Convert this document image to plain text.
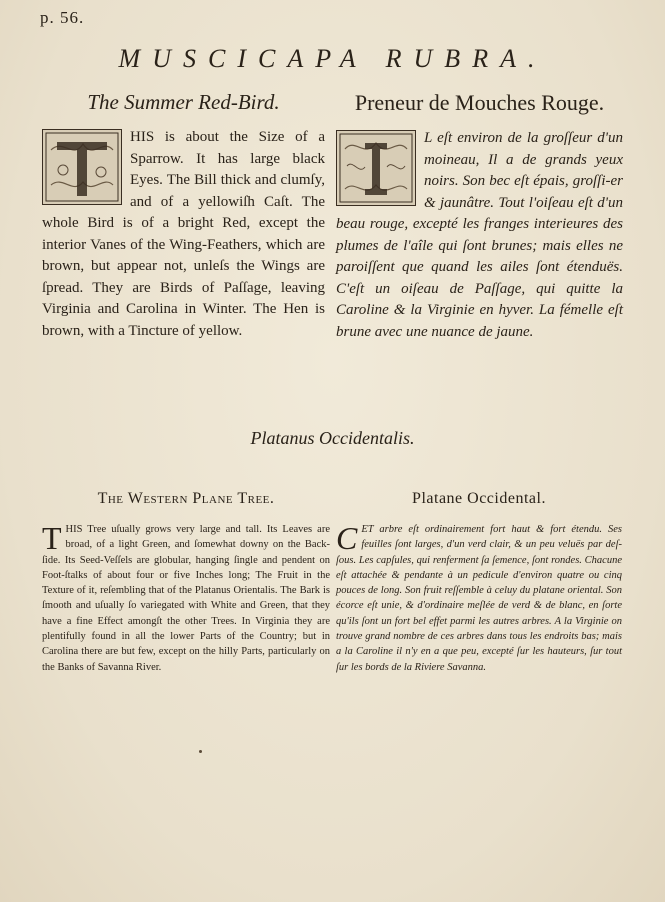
p. 56.
MUSCICAPA RUBRA.
The Summer Red-Bird.

HIS is about the Size of a Sparrow. It has large black Eyes. The Bill thick and clumſy, and of a yellowiſh Caſt. The whole Bird is of a bright Red, except the interior Vanes of the Wing-Feathers, which are brown, but appear not, unleſs the Wings are ſpread. They are Birds of Paſſage, leaving Virginia and Carolina in Winter. The Hen is brown, with a Tincture of yellow.

Preneur de Mouches Rouge.

L eſt environ de la groſſeur d'un moineau, Il a de grands yeux noirs. Son bec eſt épais, groſſi-er & jaunâtre. Tout l'oiſeau eſt d'un beau rouge, excepté les franges interieures des plumes de l'aîle qui ſont brunes; mais elles ne paroiſſent que quand les ailes ſont étenduës. C'eſt un oiſeau de Paſſage, qui quitte la Caroline & la Virginie en hyver. La fémelle eſt brune avec une nuance de jaune.

Platanus Occidentalis.
The Western Plane Tree.
T HIS Tree uſually grows very large and tall. Its Leaves are broad, of a light Green, and ſomewhat downy on the Back-ſide. Its Seed-Veſſels are globular, hanging ſingle and pendent on Foot-ſtalks of about four or five Inches long; The Fruit in the Texture of it, reſembling that of the Platanus Orientalis. The Bark is ſmooth and uſually ſo variegated with White and Green, that they have a fine Effect amongſt the other Trees. In Virginia they are plentifully found in all the lower Parts of the Country; but in Carolina there are but few, except on the hilly Parts, particularly on the Banks of Savanna River.

Platane Occidental.
C ET arbre eſt ordinairement fort haut & fort étendu. Ses feuilles ſont larges, d'un verd clair, & un peu veluës par deſ-ſous. Les capſules, qui renferment ſa ſemence, ſont rondes. Chacune eſt attachée & pendante à un pedicule d'environ quatre ou cinq pouces de long. Son fruit reſſemble à celuy du platane oriental. Son écorce eſt unie, & d'ordinaire meſlée de verd & de blanc, en ſorte qu'ils ſont un fort bel effet parmi les autres arbres. A la Virginie on trouve grand nombre de ces arbres dans tous les endroits bas; mais a la Caroline il n'y en a que peu, excepté ſur les hauteurs, ſur tout ſur les bords de la Riviere Savanna.
